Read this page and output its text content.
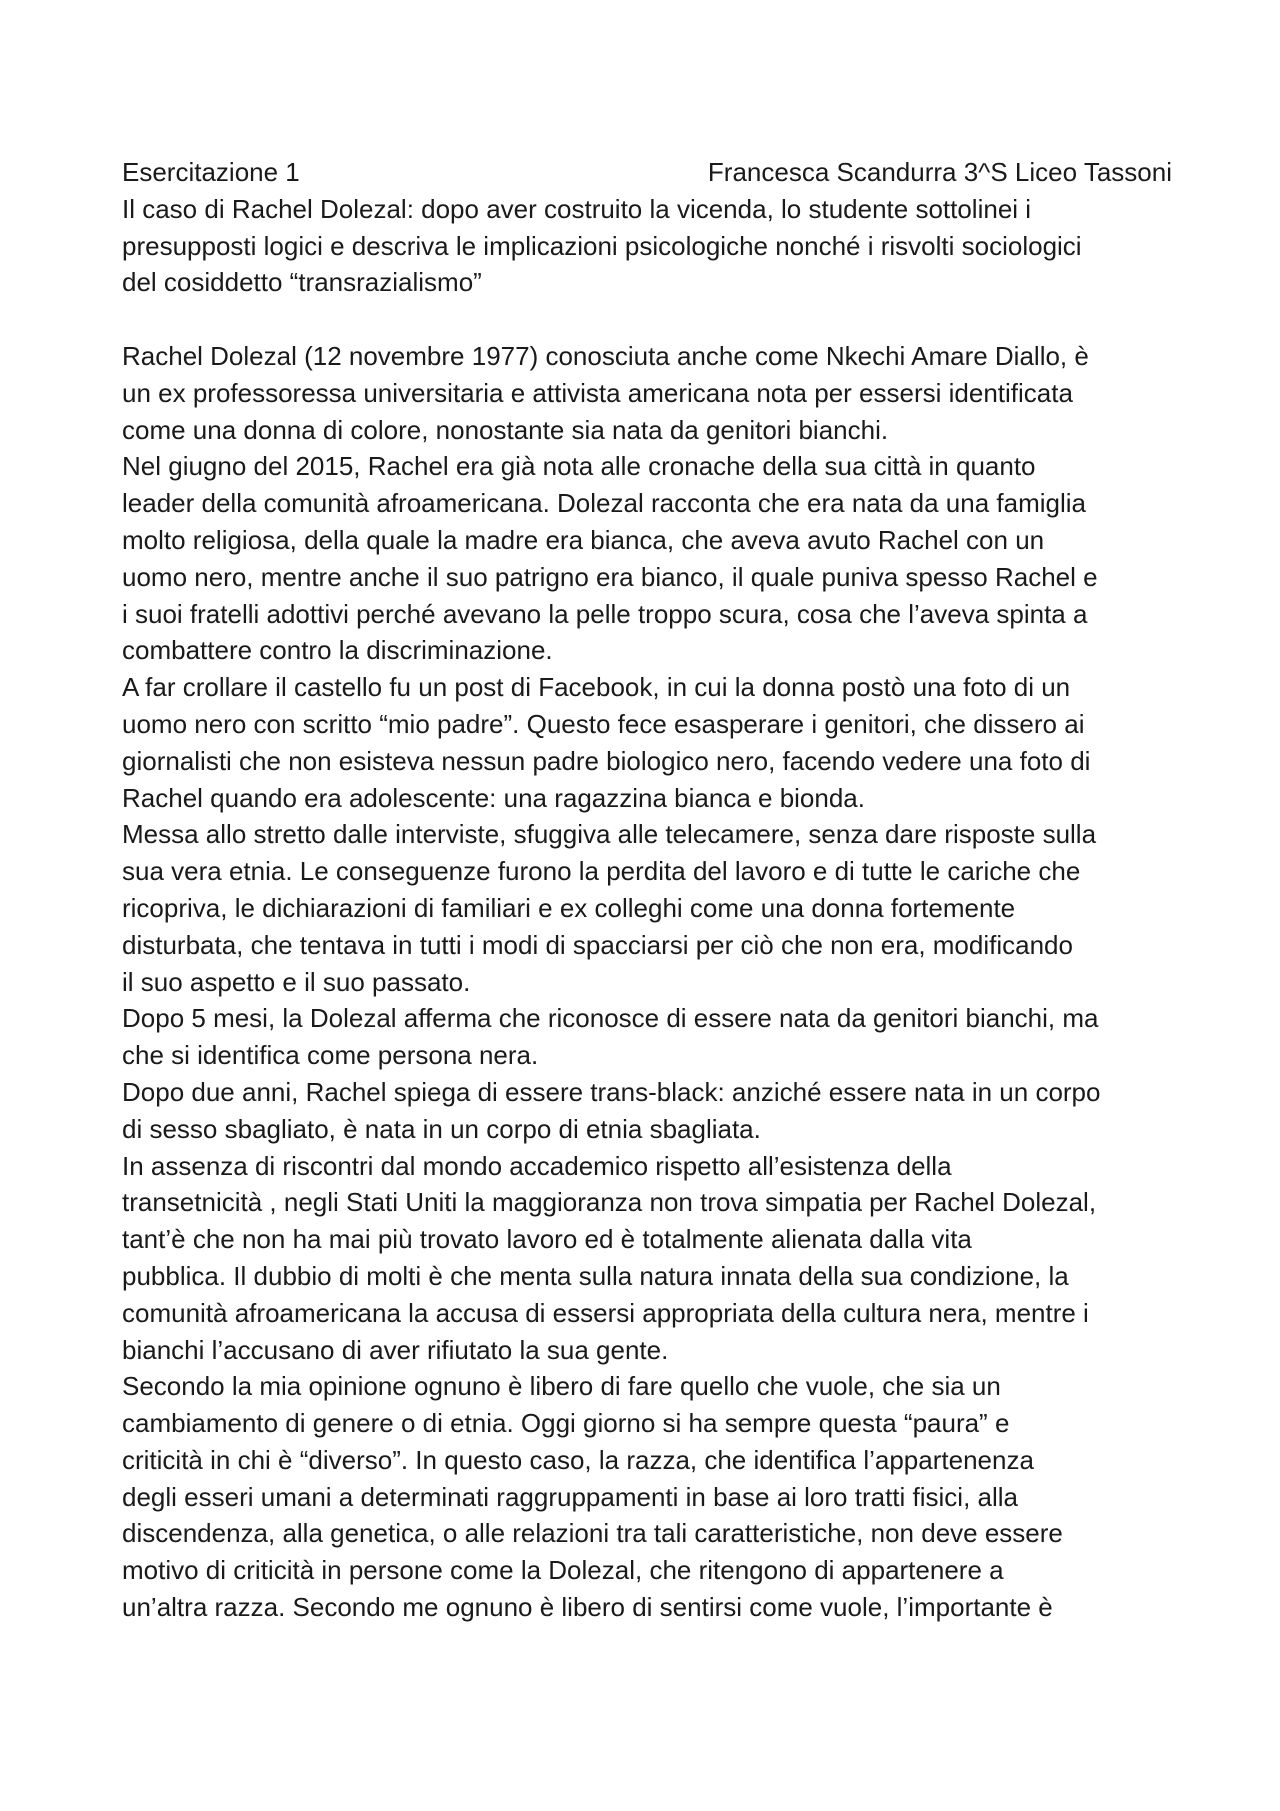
Esercitazione 1	Francesca Scandurra 3^S Liceo Tassoni
Il caso di Rachel Dolezal: dopo aver costruito la vicenda, lo studente sottolinei i
presupposti logici e descriva le implicazioni psicologiche nonché i risvolti sociologici
del cosiddetto “transrazialismo”
Rachel Dolezal (12 novembre 1977) conosciuta anche come Nkechi Amare Diallo, è
un ex professoressa universitaria e attivista americana nota per essersi identificata
come una donna di colore, nonostante sia nata da genitori bianchi.
Nel giugno del 2015, Rachel era già nota alle cronache della sua città in quanto
leader della comunità afroamericana. Dolezal racconta che era nata da una famiglia
molto religiosa, della quale la madre era bianca, che aveva avuto Rachel con un
uomo nero, mentre anche il suo patrigno era bianco, il quale puniva spesso Rachel e
i suoi fratelli adottivi perché avevano la pelle troppo scura, cosa che l’aveva spinta a
combattere contro la discriminazione.
A far crollare il castello fu un post di Facebook, in cui la donna postò una foto di un
uomo nero con scritto “mio padre”. Questo fece esasperare i genitori, che dissero ai
giornalisti che non esisteva nessun padre biologico nero, facendo vedere una foto di
Rachel quando era adolescente: una ragazzina bianca e bionda.
Messa allo stretto dalle interviste, sfuggiva alle telecamere, senza dare risposte sulla
sua vera etnia. Le conseguenze furono la perdita del lavoro e di tutte le cariche che
ricopriva, le dichiarazioni di familiari e ex colleghi come una donna fortemente
disturbata, che tentava in tutti i modi di spacciarsi per ciò che non era, modificando
il suo aspetto e il suo passato.
Dopo 5 mesi, la Dolezal afferma che riconosce di essere nata da genitori bianchi, ma
che si identifica come persona nera.
Dopo due anni, Rachel spiega di essere trans-black: anziché essere nata in un corpo
di sesso sbagliato, è nata in un corpo di etnia sbagliata.
In assenza di riscontri dal mondo accademico rispetto all’esistenza della
transetnicità , negli Stati Uniti la maggioranza non trova simpatia per Rachel Dolezal,
tant’è che non ha mai più trovato lavoro ed è totalmente alienata dalla vita
pubblica. Il dubbio di molti è che menta sulla natura innata della sua condizione, la
comunità afroamericana la accusa di essersi appropriata della cultura nera, mentre i
bianchi l’accusano di aver rifiutato la sua gente.
Secondo la mia opinione ognuno è libero di fare quello che vuole, che sia un
cambiamento di genere o di etnia. Oggi giorno si ha sempre questa “paura” e
criticità in chi è “diverso”. In questo caso, la razza, che identifica l’appartenenza
degli esseri umani a determinati raggruppamenti in base ai loro tratti fisici, alla
discendenza, alla genetica, o alle relazioni tra tali caratteristiche, non deve essere
motivo di criticità in persone come la Dolezal, che ritengono di appartenere a
un’altra razza. Secondo me ognuno è libero di sentirsi come vuole, l’importante è
